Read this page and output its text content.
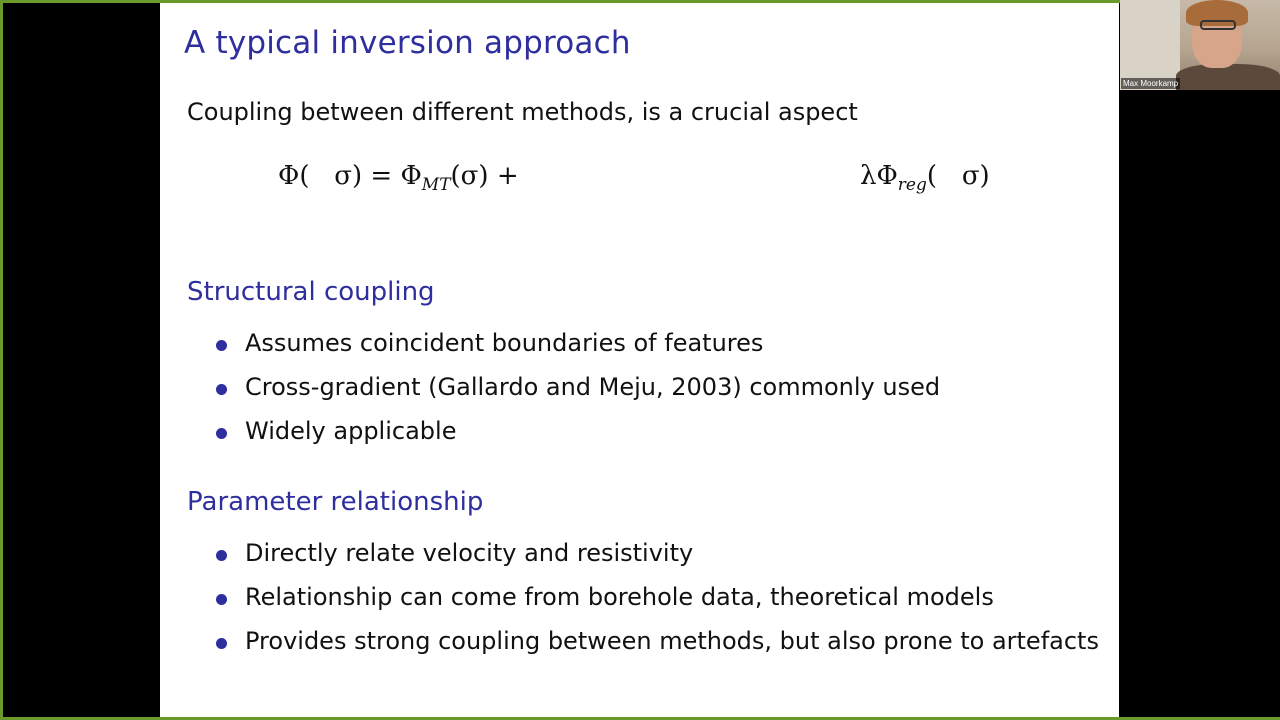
A typical inversion approach
Coupling between different methods, is a crucial aspect
Φ(   $\sigma) = \Phi_{MT}(\sigma)$ +	$\lambda\Phi_{reg}$(   σ)
Structural coupling
Assumes coincident boundaries of features
Cross-gradient (Gallardo and Meju, 2003) commonly used
Widely applicable
Parameter relationship
Directly relate velocity and resistivity
Relationship can come from borehole data, theoretical models
Provides strong coupling between methods, but also prone to artefacts
Max Moorkamp
